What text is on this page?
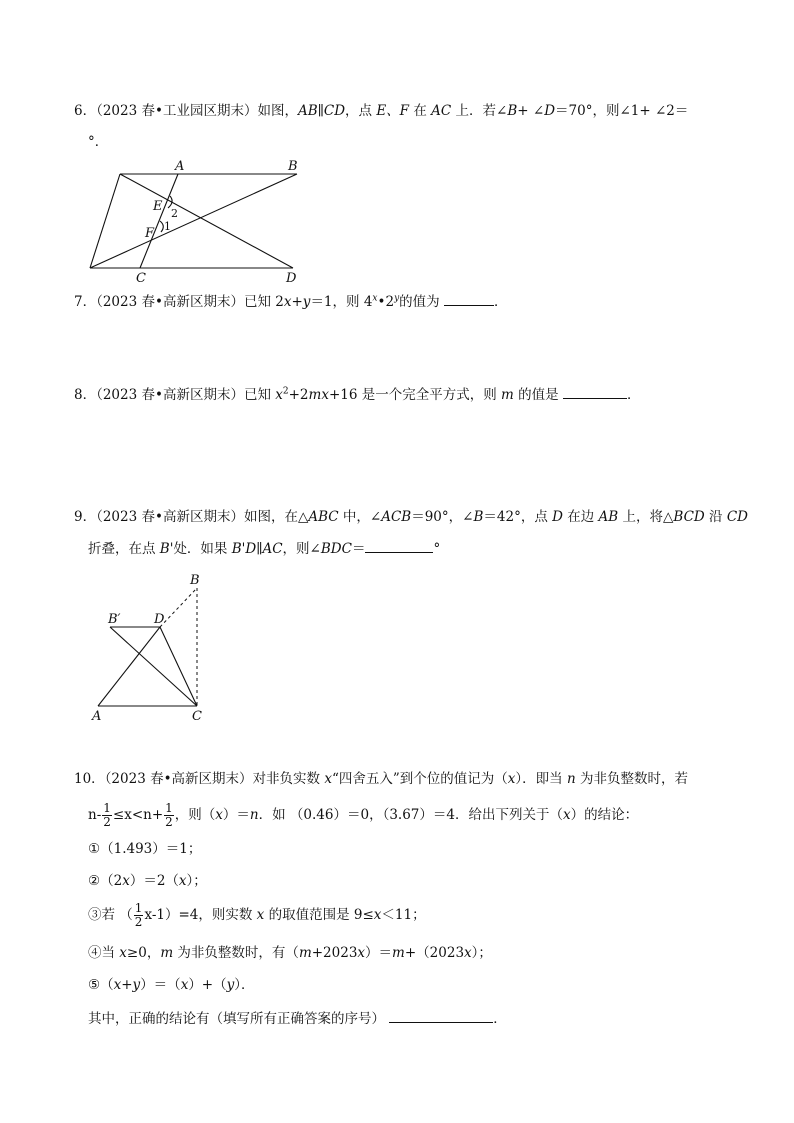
6．（2023 春•工业园区期末）如图，AB∥CD，点 E、F 在 AC 上．若∠B+ ∠D＝70°，则∠1+ ∠2＝
°．
A	B
C	D
E
F 1
2
7．（2023 春•高新区期末）已知 2x+y＝1，则 4$^x$•2$^y$的值为	．
8．（2023 春•高新区期末）已知 $x^2+2mx+16$ 是一个完全平方式，则 m 的值是	．
9．（2023 春•高新区期末）如图，在△ABC 中，∠ACB＝90°，∠B＝42°，点 D 在边 AB 上，将△BCD 沿 CD
折叠，在点 B'处．如果 B'D∥AC，则∠BDC＝	°
B
B′	D
A	C
10．（2023 春•高新区期末）对非负实数 x“四舍五入”到个位的值记为（x）．即当 n 为非负整数时，若
$n- \frac{1}{2} \le x<n+ \frac{1}{2}$ ，则（x）＝n．如 （0.46）＝0，（3.67）＝4．给出下列关于（x）的结论：
①（1.493）＝1；
②（2x）＝2（x）；
③若 （ $\frac{1}{2} x-1)=4$，则实数 x 的取值范围是 9≤x＜11；
④当 x≥0，m 为非负整数时，有（m+2023x）＝m+（2023x）；
⑤（x+y）＝（x）+（y）．
其中，正确的结论有（填写所有正确答案的序号）	．
